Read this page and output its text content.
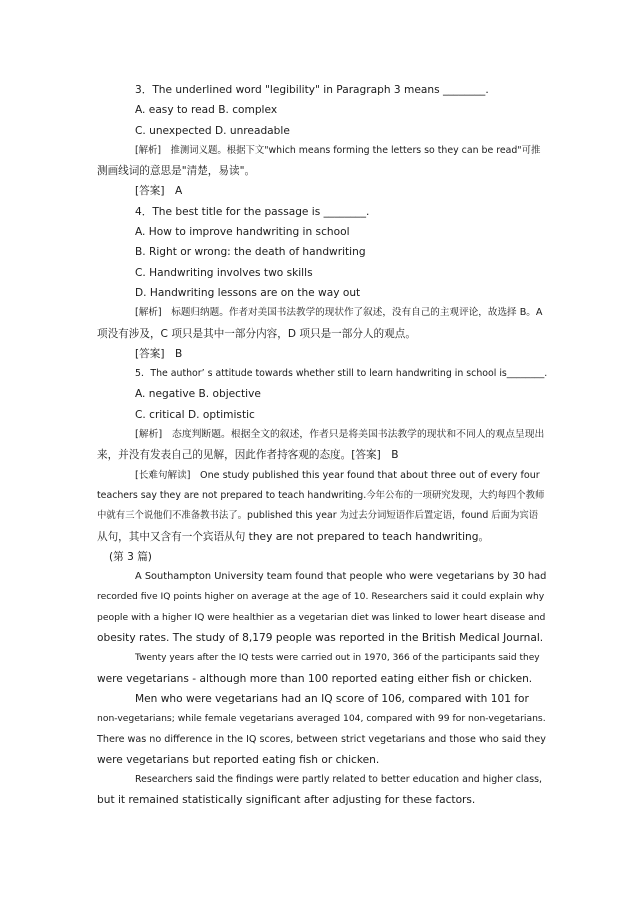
3．The underlined word "legibility" in Paragraph 3 means ________.
A. easy to read B. complex
C. unexpected D. unreadable
[解析]　推测词义题。根据下文"which means forming the letters so they can be read"可推
测画线词的意思是"清楚，易读"。
[答案]　A
4．The best title for the passage is ________.
A. How to improve handwriting in school
B. Right or wrong: the death of handwriting
C. Handwriting involves two skills
D. Handwriting lessons are on the way out
[解析]　标题归纳题。作者对美国书法教学的现状作了叙述，没有自己的主观评论，故选择 B。A
项没有涉及，C 项只是其中一部分内容，D 项只是一部分人的观点。
[答案]　B
5．The author’ s attitude towards whether still to learn handwriting in school is________.
A. negative B. objective
C. critical D. optimistic
[解析]　态度判断题。根据全文的叙述，作者只是将美国书法教学的现状和不同人的观点呈现出
来，并没有发表自己的见解，因此作者持客观的态度。[答案]　B
[长难句解读]　One study published this year found that about three out of every four
teachers say they are not prepared to teach handwriting.今年公布的一项研究发现，大约每四个教师
中就有三个说他们不准备教书法了。published this year 为过去分词短语作后置定语，found 后面为宾语
从句，其中又含有一个宾语从句 they are not prepared to teach handwriting。
(第 3 篇)
A Southampton University team found that people who were vegetarians by 30 had
recorded five IQ points higher on average at the age of 10. Researchers said it could explain why
people with a higher IQ were healthier as a vegetarian diet was linked to lower heart disease and
obesity rates. The study of 8,179 people was reported in the British Medical Journal.
Twenty years after the IQ tests were carried out in 1970, 366 of the participants said they
were vegetarians - although more than 100 reported eating either fish or chicken.
Men who were vegetarians had an IQ score of 106, compared with 101 for
non-vegetarians; while female vegetarians averaged 104, compared with 99 for non-vegetarians.
There was no difference in the IQ scores, between strict vegetarians and those who said they
were vegetarians but reported eating fish or chicken.
Researchers said the findings were partly related to better education and higher class,
but it remained statistically significant after adjusting for these factors.
